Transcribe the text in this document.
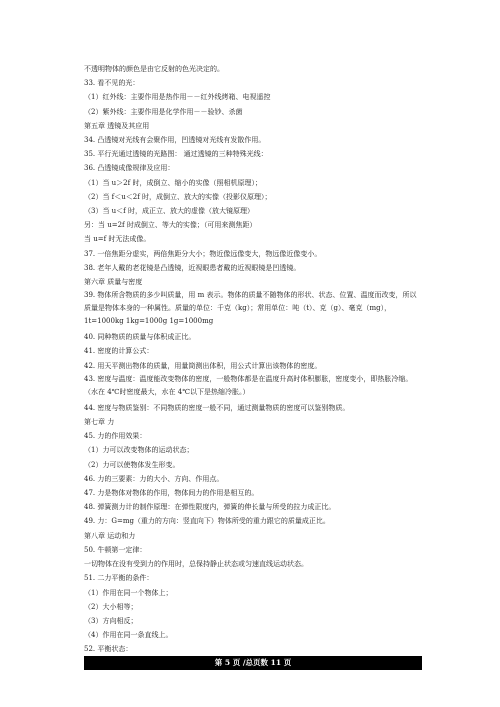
不透明物体的颜色是由它反射的色光决定的。
33. 看不见的光：
（1）红外线：主要作用是热作用－－红外线烤箱、电视遥控
（2）紫外线：主要作用是化学作用－－验钞、杀菌
第五章 透镜及其应用
34. 凸透镜对光线有会聚作用，凹透镜对光线有发散作用。
35. 平行光通过透镜的光路图： 通过透镜的三种特殊光线：
36. 凸透镜成像规律及应用：
（1）当 u＞2f 时，成倒立、缩小的实像（照相机原理）；
（2）当 f＜u＜2f 时，成倒立、放大的实像（投影仪原理）；
（3）当 u＜f 时，成正立、放大的虚像（放大镜原理）
另：当 u=2f 时成倒立、等大的实像；（可用来测焦距）
当 u=f 时无法成像。
37. 一倍焦距分虚实，两倍焦距分大小；物近像远像变大，物远像近像变小。
38. 老年人戴的老花镜是凸透镜，近视眼患者戴的近视眼镜是凹透镜。
第六章 质量与密度
39. 物体所含物质的多少叫质量，用 m 表示。物体的质量不随物体的形状、状态、位置、温度而改变，所以质量是物体本身的一种属性。质量的单位：千克（kg）；常用单位：吨（t）、克（g）、毫克（mg），1t=1000kg 1kg=1000g 1g=1000mg
40. 同种物质的质量与体积成正比。
41. 密度的计算公式：
42. 用天平测出物体的质量，用量筒测出体积，用公式计算出该物体的密度。
43. 密度与温度：温度能改变物体的密度，一般物体都是在温度升高时体积膨胀，密度变小，即热胀冷缩。（水在 4℃时密度最大，水在 4℃以下是热缩冷胀。）
44. 密度与物质鉴别：不同物质的密度一般不同，通过测量物质的密度可以鉴别物质。
第七章 力
45. 力的作用效果：
（1）力可以改变物体的运动状态；
（2）力可以使物体发生形变。
46. 力的三要素：力的大小、方向、作用点。
47. 力是物体对物体的作用，物体间力的作用是相互的。
48. 弹簧测力计的制作原理：在弹性限度内，弹簧的伸长量与所受的拉力成正比。
49. 力：G=mg（重力的方向：竖直向下）物体所受的重力跟它的质量成正比。
第八章 运动和力
50. 牛顿第一定律：
一切物体在没有受到力的作用时，总保持静止状态或匀速直线运动状态。
51. 二力平衡的条件：
（1）作用在同一个物体上；
（2）大小相等；
（3）方向相反；
（4）作用在同一条直线上。
52. 平衡状态：
第 5 页 /总页数 11 页
